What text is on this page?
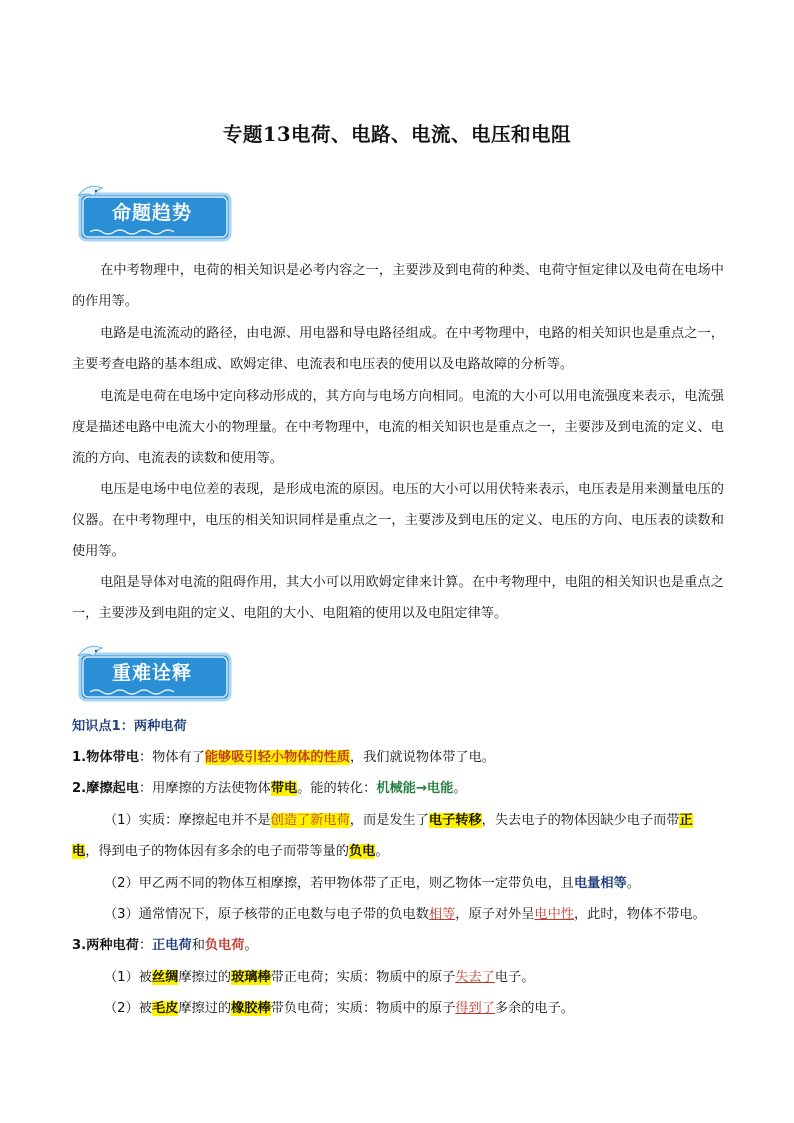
专题13电荷、电路、电流、电压和电阻
命题趋势
在中考物理中，电荷的相关知识是必考内容之一，主要涉及到电荷的种类、电荷守恒定律以及电荷在电场中的作用等。
电路是电流流动的路径，由电源、用电器和导电路径组成。在中考物理中，电路的相关知识也是重点之一，主要考查电路的基本组成、欧姆定律、电流表和电压表的使用以及电路故障的分析等。
电流是电荷在电场中定向移动形成的，其方向与电场方向相同。电流的大小可以用电流强度来表示，电流强度是描述电路中电流大小的物理量。在中考物理中，电流的相关知识也是重点之一，主要涉及到电流的定义、电流的方向、电流表的读数和使用等。
电压是电场中电位差的表现，是形成电流的原因。电压的大小可以用伏特来表示，电压表是用来测量电压的仪器。在中考物理中，电压的相关知识同样是重点之一，主要涉及到电压的定义、电压的方向、电压表的读数和使用等。
电阻是导体对电流的阻碍作用，其大小可以用欧姆定律来计算。在中考物理中，电阻的相关知识也是重点之一，主要涉及到电阻的定义、电阻的大小、电阻箱的使用以及电阻定律等。
重难诠释
知识点1：两种电荷
1.物体带电：物体有了能够吸引轻小物体的性质，我们就说物体带了电。
2.摩擦起电：用摩擦的方法使物体带电。能的转化：机械能→电能。
（1）实质：摩擦起电并不是创造了新电荷，而是发生了电子转移，失去电子的物体因缺少电子而带正
电，得到电子的物体因有多余的电子而带等量的负电。
（2）甲乙两不同的物体互相摩擦，若甲物体带了正电，则乙物体一定带负电，且电量相等。
（3）通常情况下，原子核带的正电数与电子带的负电数相等，原子对外呈电中性，此时，物体不带电。
3.两种电荷：正电荷和负电荷。
（1）被丝绸摩擦过的玻璃棒带正电荷；实质：物质中的原子失去了电子。
（2）被毛皮摩擦过的橡胶棒带负电荷；实质：物质中的原子得到了多余的电子。
